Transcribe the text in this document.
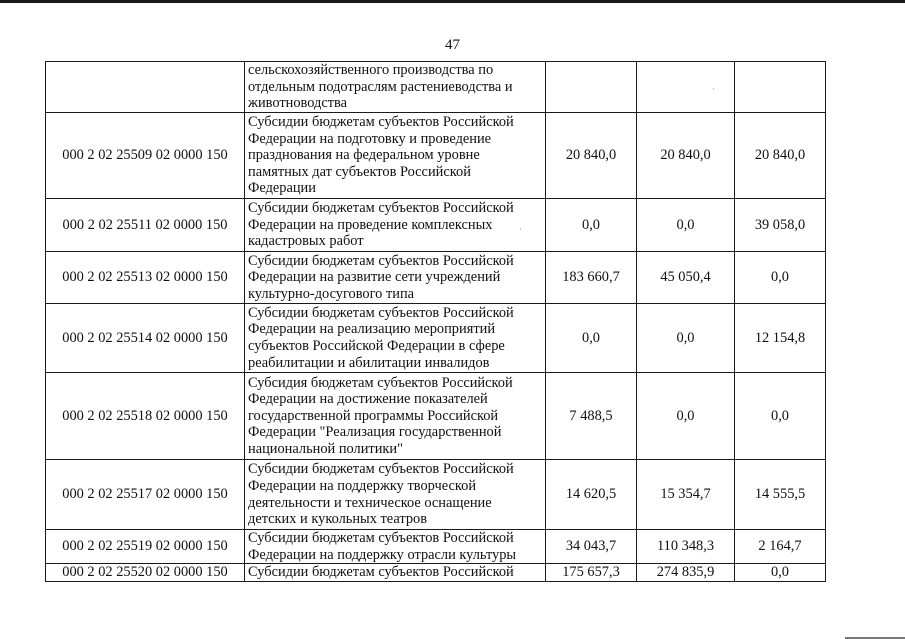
47
	сельскохозяйственного производства по отдельным подотраслям растениеводства и животноводства			
000 2 02 25509 02 0000 150	Субсидии бюджетам субъектов Российской Федерации на подготовку и проведение празднования на федеральном уровне памятных дат субъектов Российской Федерации	20 840,0	20 840,0	20 840,0
000 2 02 25511 02 0000 150	Субсидии бюджетам субъектов Российской Федерации на проведение комплексных кадастровых работ	0,0	0,0	39 058,0
000 2 02 25513 02 0000 150	Субсидии бюджетам субъектов Российской Федерации на развитие сети учреждений культурно-досугового типа	183 660,7	45 050,4	0,0
000 2 02 25514 02 0000 150	Субсидии бюджетам субъектов Российской Федерации на реализацию мероприятий субъектов Российской Федерации в сфере реабилитации и абилитации инвалидов	0,0	0,0	12 154,8
000 2 02 25518 02 0000 150	Субсидия бюджетам субъектов Российской Федерации на достижение показателей государственной программы Российской Федерации "Реализация государственной национальной политики"	7 488,5	0,0	0,0
000 2 02 25517 02 0000 150	Субсидии бюджетам субъектов Российской Федерации на поддержку творческой деятельности и техническое оснащение детских и кукольных театров	14 620,5	15 354,7	14 555,5
000 2 02 25519 02 0000 150	Субсидии бюджетам субъектов Российской Федерации на поддержку отрасли культуры	34 043,7	110 348,3	2 164,7
000 2 02 25520 02 0000 150	Субсидии бюджетам субъектов Российской	175 657,3	274 835,9	0,0
·
·
